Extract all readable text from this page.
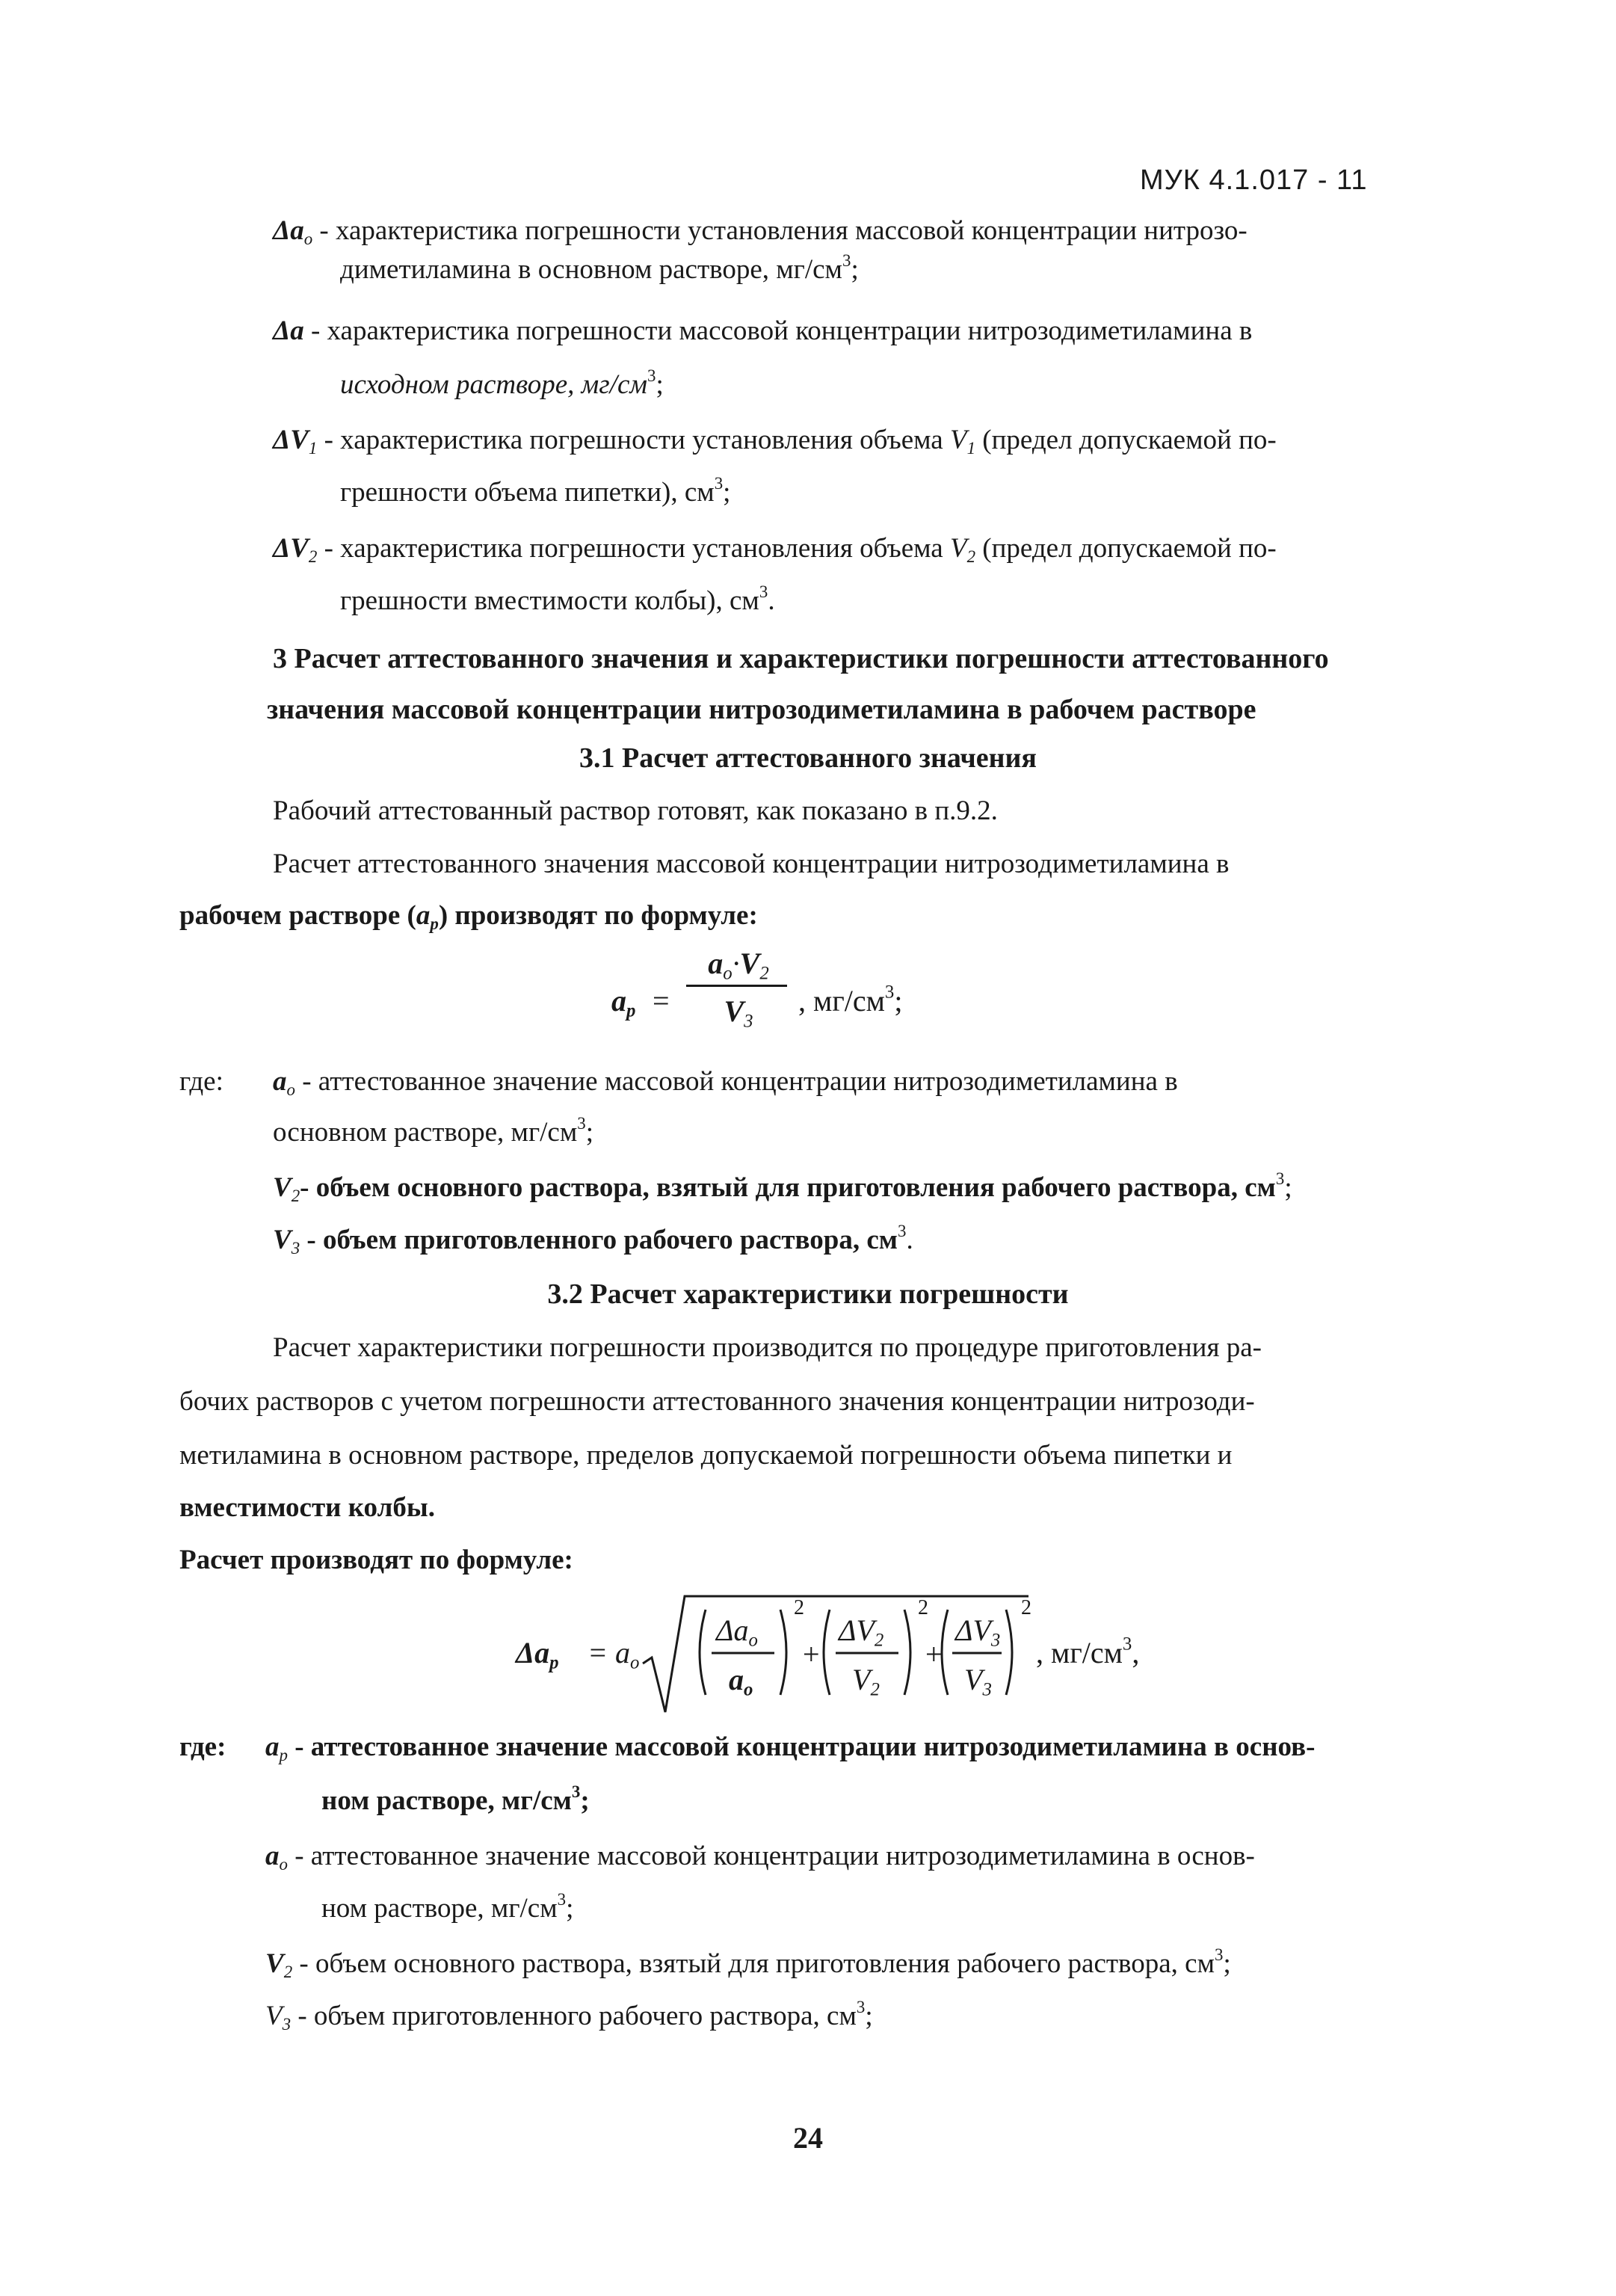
МУК 4.1.017 - 11
$\Delta a_o$ - характеристика погрешности установления массовой концентрации нитрозо-
диметиламина в основном растворе, $мг/см^3$;
Δa - характеристика погрешности массовой концентрации нитрозодиметиламина в
исходном растворе, $мг/см^3$;
$\Delta V_1$ - характеристика погрешности установления объема $V_1$ (предел допускаемой по-
грешности объема пипетки), $см^3$;
$\Delta V_2$ - характеристика погрешности установления объема $V_2$ (предел допускаемой по-
грешности вместимости колбы), $см^3$.
3 Расчет аттестованного значения и характеристики погрешности аттестованного
значения массовой концентрации нитрозодиметиламина в рабочем растворе
3.1 Расчет аттестованного значения
Рабочий аттестованный раствор готовят, как показано в п.9.2.
Расчет аттестованного значения массовой концентрации нитрозодиметиламина в
рабочем растворе $(a_p)$ производят по формуле:
$a_p$ =
$a_o\cdot V_2$
$V_3$
, $мг/см^3$;
где: $a_o$ - аттестованное значение массовой концентрации нитрозодиметиламина в
основном растворе, $мг/см^3$;
$V_2-$ объем основного раствора, взятый для приготовления рабочего раствора, $см^3$;
$V_3$ - объем приготовленного рабочего раствора, $см^3$.
3.2 Расчет характеристики погрешности
Расчет характеристики погрешности производится по процедуре приготовления ра-
бочих растворов с учетом погрешности аттестованного значения концентрации нитрозоди-
метиламина в основном растворе, пределов допускаемой погрешности объема пипетки и
вместимости колбы.
Расчет производят по формуле:
$\Delta a_p = a_o$
$\Delta a_o$
$a_o$
2
+
$\Delta V_2$
$V_2$
2
+
$\Delta V_3$
$V_3$
2
, $мг/см^3$,
где: $a_p$ - аттестованное значение массовой концентрации нитрозодиметиламина в основ-
ном растворе, $мг/см^3$;
$a_o$ - аттестованное значение массовой концентрации нитрозодиметиламина в основ-
ном растворе, $мг/см^3$;
$V_2$ - объем основного раствора, взятый для приготовления рабочего раствора, $см^3$;
$V_3$ - объем приготовленного рабочего раствора, $см^3$;
24
